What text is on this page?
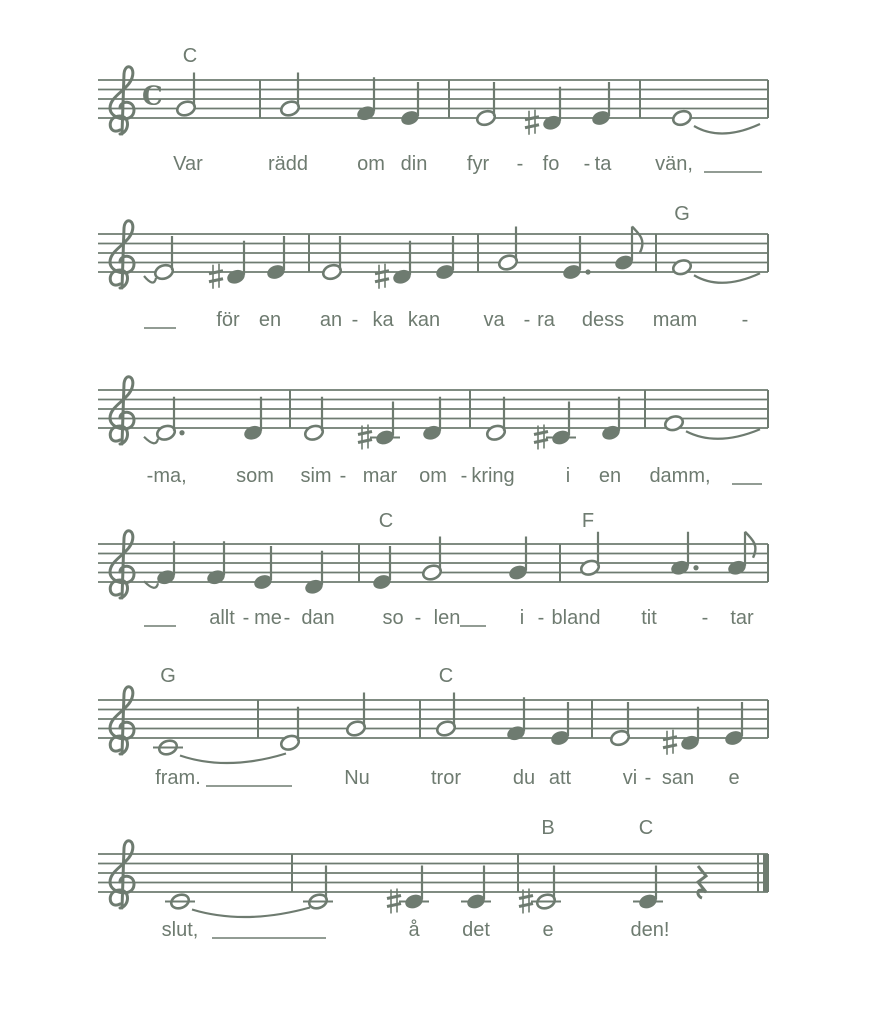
C
Var	rädd om din fyr - fo - ta vän,
för en an - ka kan va - ra dess mam -
- ma, som sim - mar om - kring	i en damm,
allt - me - dan so - len	i - bland tit - tar
fram.	Nu	tror	du att	vi - san e
slut,	å det	e	den!
C
G
C	F
G	C
B	C
